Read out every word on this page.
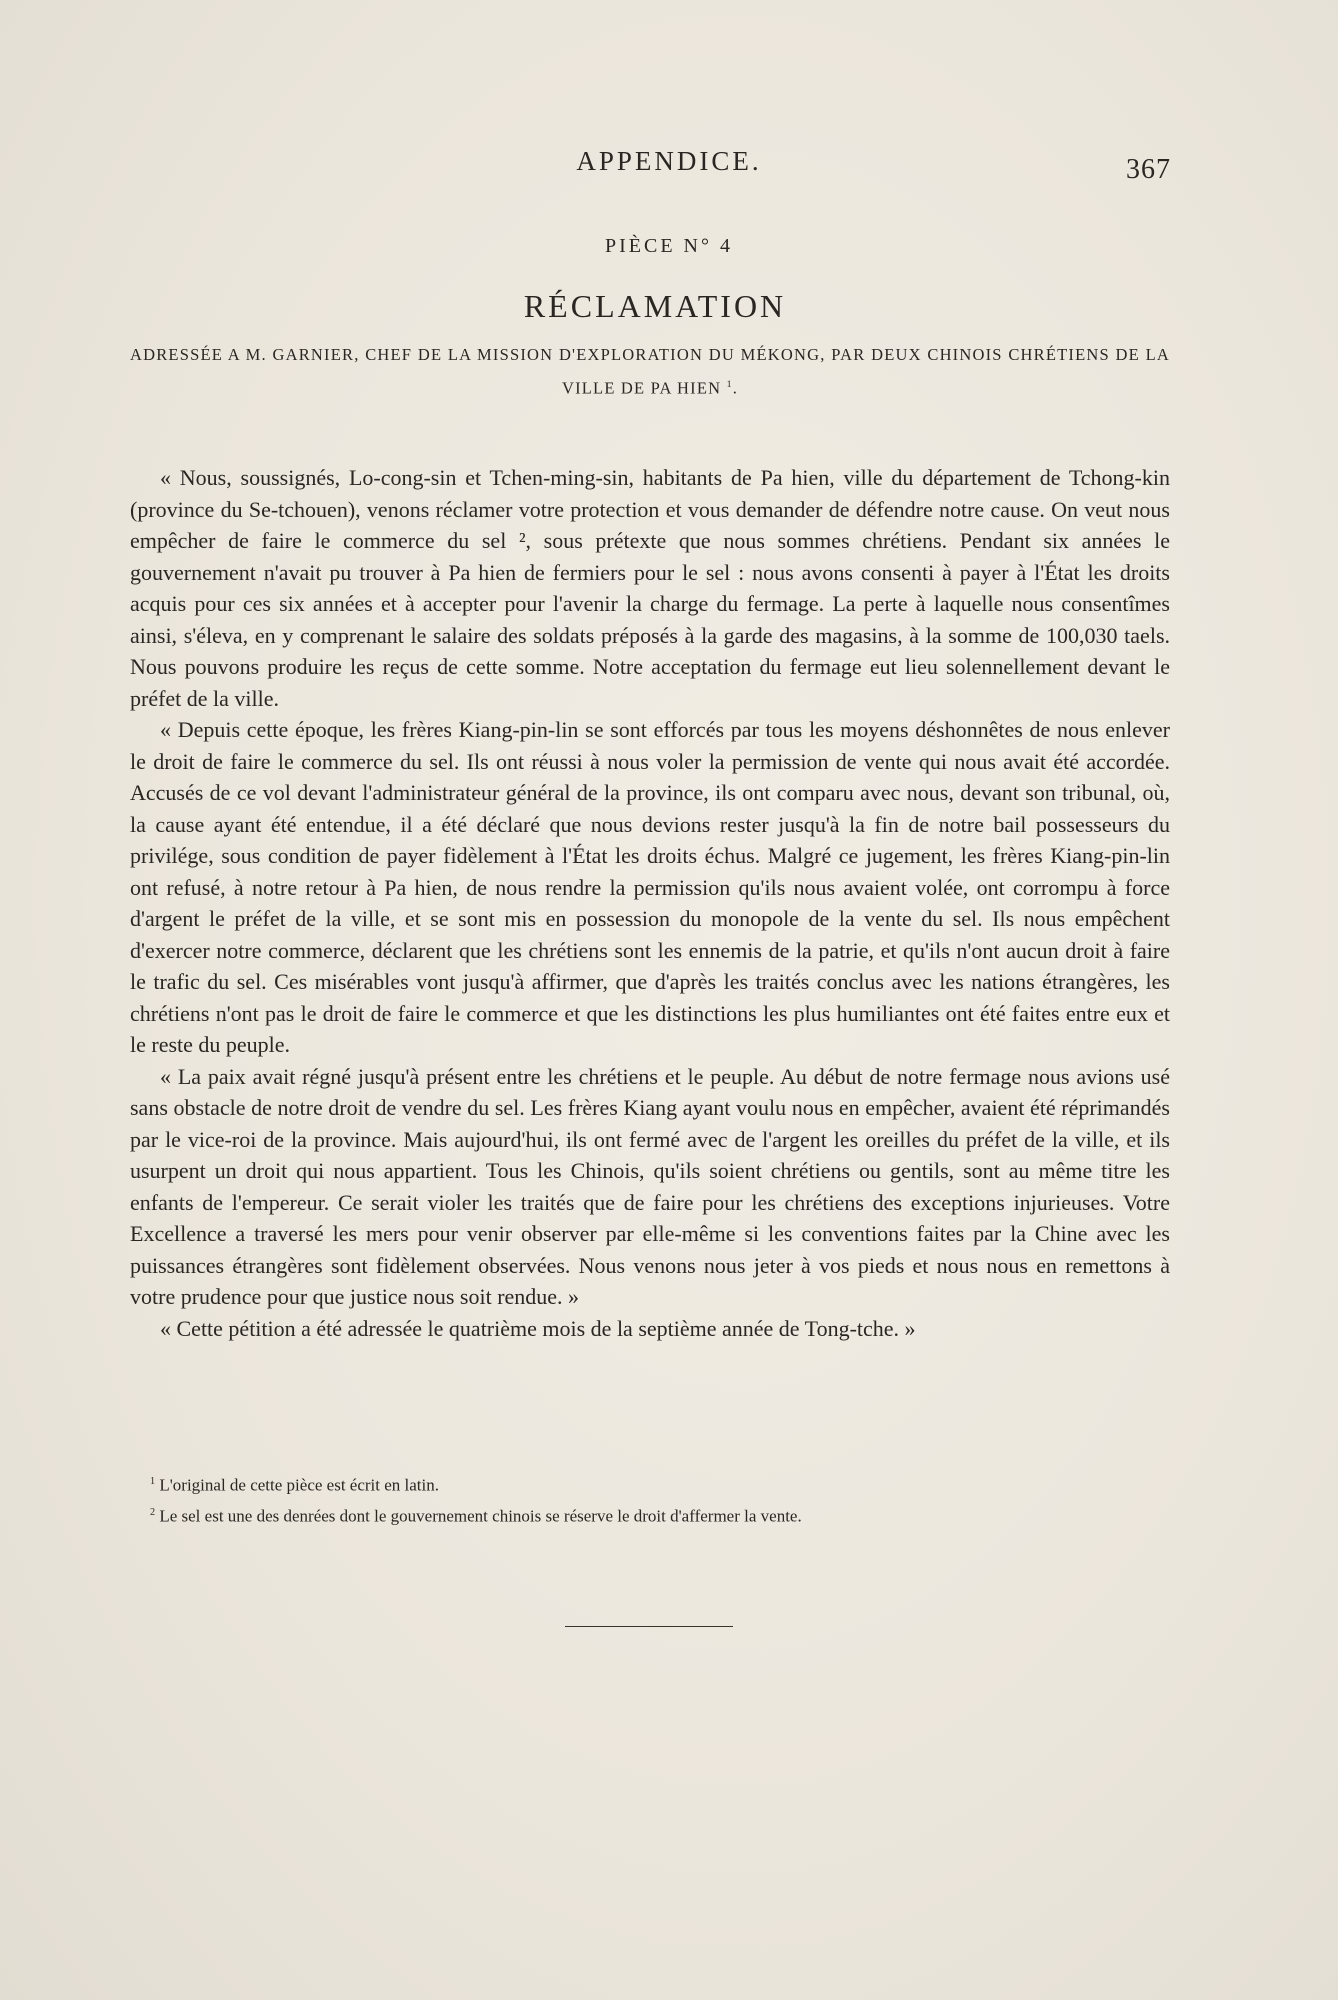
APPENDICE.	367
PIÈCE N° 4
RÉCLAMATION
ADRESSÉE A M. GARNIER, CHEF DE LA MISSION D'EXPLORATION DU MÉKONG, PAR DEUX CHINOIS CHRÉTIENS DE LA VILLE DE PA HIEN $^1$.

« Nous, soussignés, Lo-cong-sin et Tchen-ming-sin, habitants de Pa hien, ville du département de Tchong-kin (province du Se-tchouen), venons réclamer votre protection et vous demander de défendre notre cause. On veut nous empêcher de faire le commerce du sel ², sous prétexte que nous sommes chrétiens. Pendant six années le gouvernement n'avait pu trouver à Pa hien de fermiers pour le sel : nous avons consenti à payer à l'État les droits acquis pour ces six années et à accepter pour l'avenir la charge du fermage. La perte à laquelle nous consentîmes ainsi, s'éleva, en y comprenant le salaire des soldats préposés à la garde des magasins, à la somme de 100,030 taels. Nous pouvons produire les reçus de cette somme. Notre acceptation du fermage eut lieu solennellement devant le préfet de la ville.

« Depuis cette époque, les frères Kiang-pin-lin se sont efforcés par tous les moyens déshonnêtes de nous enlever le droit de faire le commerce du sel. Ils ont réussi à nous voler la permission de vente qui nous avait été accordée. Accusés de ce vol devant l'administrateur général de la province, ils ont comparu avec nous, devant son tribunal, où, la cause ayant été entendue, il a été déclaré que nous devions rester jusqu'à la fin de notre bail possesseurs du privilége, sous condition de payer fidèlement à l'État les droits échus. Malgré ce jugement, les frères Kiang-pin-lin ont refusé, à notre retour à Pa hien, de nous rendre la permission qu'ils nous avaient volée, ont corrompu à force d'argent le préfet de la ville, et se sont mis en possession du monopole de la vente du sel. Ils nous empêchent d'exercer notre commerce, déclarent que les chrétiens sont les ennemis de la patrie, et qu'ils n'ont aucun droit à faire le trafic du sel. Ces misérables vont jusqu'à affirmer, que d'après les traités conclus avec les nations étrangères, les chrétiens n'ont pas le droit de faire le commerce et que les distinctions les plus humiliantes ont été faites entre eux et le reste du peuple.

« La paix avait régné jusqu'à présent entre les chrétiens et le peuple. Au début de notre fermage nous avions usé sans obstacle de notre droit de vendre du sel. Les frères Kiang ayant voulu nous en empêcher, avaient été réprimandés par le vice-roi de la province. Mais aujourd'hui, ils ont fermé avec de l'argent les oreilles du préfet de la ville, et ils usurpent un droit qui nous appartient. Tous les Chinois, qu'ils soient chrétiens ou gentils, sont au même titre les enfants de l'empereur. Ce serait violer les traités que de faire pour les chrétiens des exceptions injurieuses. Votre Excellence a traversé les mers pour venir observer par elle-même si les conventions faites par la Chine avec les puissances étrangères sont fidèlement observées. Nous venons nous jeter à vos pieds et nous nous en remettons à votre prudence pour que justice nous soit rendue. »

« Cette pétition a été adressée le quatrième mois de la septième année de Tong-tche. »

$^1$ L'original de cette pièce est écrit en latin.
$^2$ Le sel est une des denrées dont le gouvernement chinois se réserve le droit d'affermer la vente.
